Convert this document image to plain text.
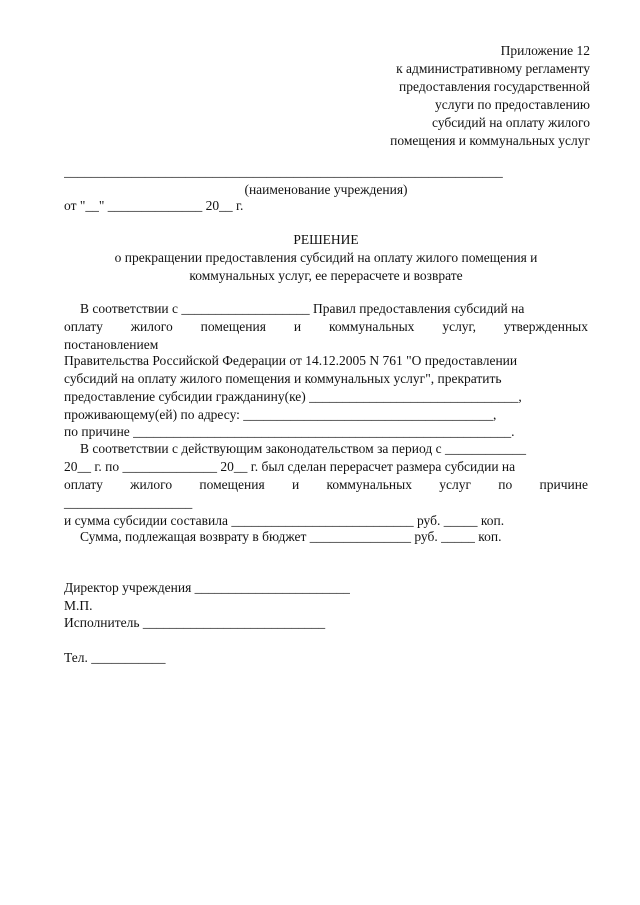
Приложение 12
к административному регламенту
предоставления государственной
услуги по предоставлению
субсидий на оплату жилого
помещения и коммунальных услуг
_________________________________________________________________
(наименование учреждения)
от "__" ______________ 20__ г.
РЕШЕНИЕ
о прекращении предоставления субсидий на оплату жилого помещения и
коммунальных услуг, ее перерасчете и возврате
В соответствии с ___________________ Правил предоставления субсидий на
оплату жилого помещения и коммунальных услуг, утвержденных
постановлением
Правительства Российской Федерации от 14.12.2005 N 761 "О предоставлении
субсидий на оплату жилого помещения и коммунальных услуг", прекратить
предоставление субсидии гражданину(ке) _______________________________,
проживающему(ей) по адресу: _____________________________________,
по причине ________________________________________________________.
В соответствии с действующим законодательством за период с ____________
20__ г. по ______________ 20__ г. был сделан перерасчет размера субсидии на
оплату жилого помещения и коммунальных услуг по причине
___________________
и сумма субсидии составила ___________________________ руб. _____ коп.
Сумма, подлежащая возврату в бюджет _______________ руб. _____ коп.
Директор учреждения _______________________
М.П.
Исполнитель ___________________________
Тел. ___________
